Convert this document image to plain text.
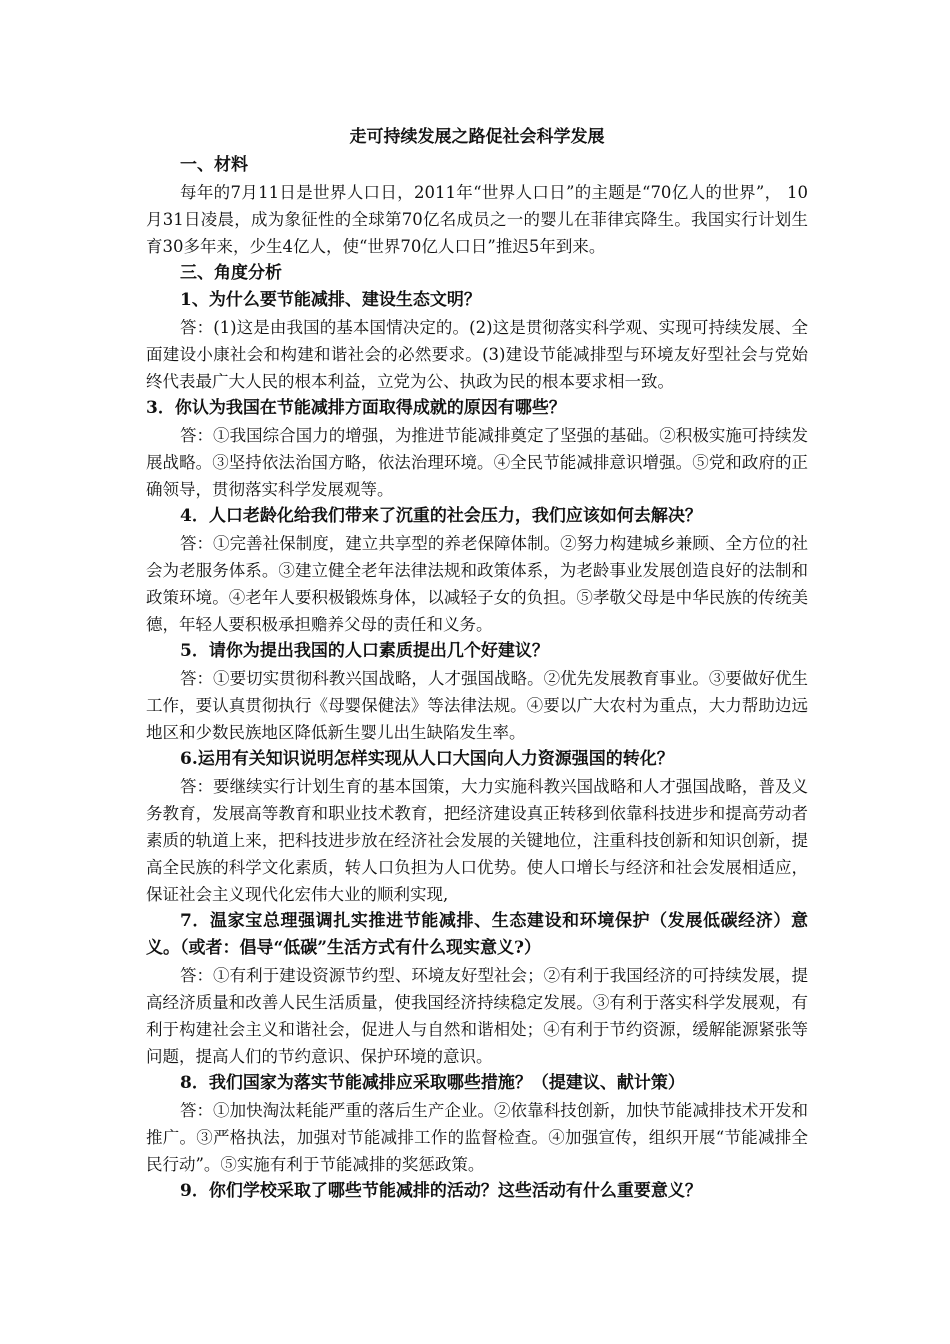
走可持续发展之路促社会科学发展
一、材料
每年的7月11日是世界人口日，2011年“世界人口日”的主题是“70亿人的世界”， 10月31日凌晨，成为象征性的全球第70亿名成员之一的婴儿在菲律宾降生。我国实行计划生育30多年来，少生4亿人，使“世界70亿人口日”推迟5年到来。
三、角度分析
1、为什么要节能减排、建设生态文明？
答：(1)这是由我国的基本国情决定的。(2)这是贯彻落实科学观、实现可持续发展、全面建设小康社会和构建和谐社会的必然要求。(3)建设节能减排型与环境友好型社会与党始终代表最广大人民的根本利益，立党为公、执政为民的根本要求相一致。
3．你认为我国在节能减排方面取得成就的原因有哪些？
答：①我国综合国力的增强，为推进节能减排奠定了坚强的基础。②积极实施可持续发展战略。③坚持依法治国方略，依法治理环境。④全民节能减排意识增强。⑤党和政府的正确领导，贯彻落实科学发展观等。
4．人口老龄化给我们带来了沉重的社会压力，我们应该如何去解决？
答：①完善社保制度，建立共享型的养老保障体制。②努力构建城乡兼顾、全方位的社会为老服务体系。③建立健全老年法律法规和政策体系，为老龄事业发展创造良好的法制和政策环境。④老年人要积极锻炼身体，以减轻子女的负担。⑤孝敬父母是中华民族的传统美德，年轻人要积极承担赡养父母的责任和义务。
5．请你为提出我国的人口素质提出几个好建议？
答：①要切实贯彻科教兴国战略，人才强国战略。②优先发展教育事业。③要做好优生工作，要认真贯彻执行《母婴保健法》等法律法规。④要以广大农村为重点，大力帮助边远地区和少数民族地区降低新生婴儿出生缺陷发生率。
6.运用有关知识说明怎样实现从人口大国向人力资源强国的转化？
答：要继续实行计划生育的基本国策，大力实施科教兴国战略和人才强国战略，普及义务教育，发展高等教育和职业技术教育，把经济建设真正转移到依靠科技进步和提高劳动者素质的轨道上来，把科技进步放在经济社会发展的关键地位，注重科技创新和知识创新，提高全民族的科学文化素质，转人口负担为人口优势。使人口增长与经济和社会发展相适应，保证社会主义现代化宏伟大业的顺利实现,
7．温家宝总理强调扎实推进节能减排、生态建设和环境保护（发展低碳经济）意义。（或者：倡导“低碳”生活方式有什么现实意义?）
答：①有利于建设资源节约型、环境友好型社会；②有利于我国经济的可持续发展，提高经济质量和改善人民生活质量，使我国经济持续稳定发展。③有利于落实科学发展观，有利于构建社会主义和谐社会，促进人与自然和谐相处；④有利于节约资源，缓解能源紧张等问题，提高人们的节约意识、保护环境的意识。
8．我们国家为落实节能减排应采取哪些措施？（提建议、献计策）
答：①加快淘汰耗能严重的落后生产企业。②依靠科技创新，加快节能减排技术开发和推广。③严格执法，加强对节能减排工作的监督检查。④加强宣传，组织开展“节能减排全民行动”。⑤实施有利于节能减排的奖惩政策。
9．你们学校采取了哪些节能减排的活动？这些活动有什么重要意义？
